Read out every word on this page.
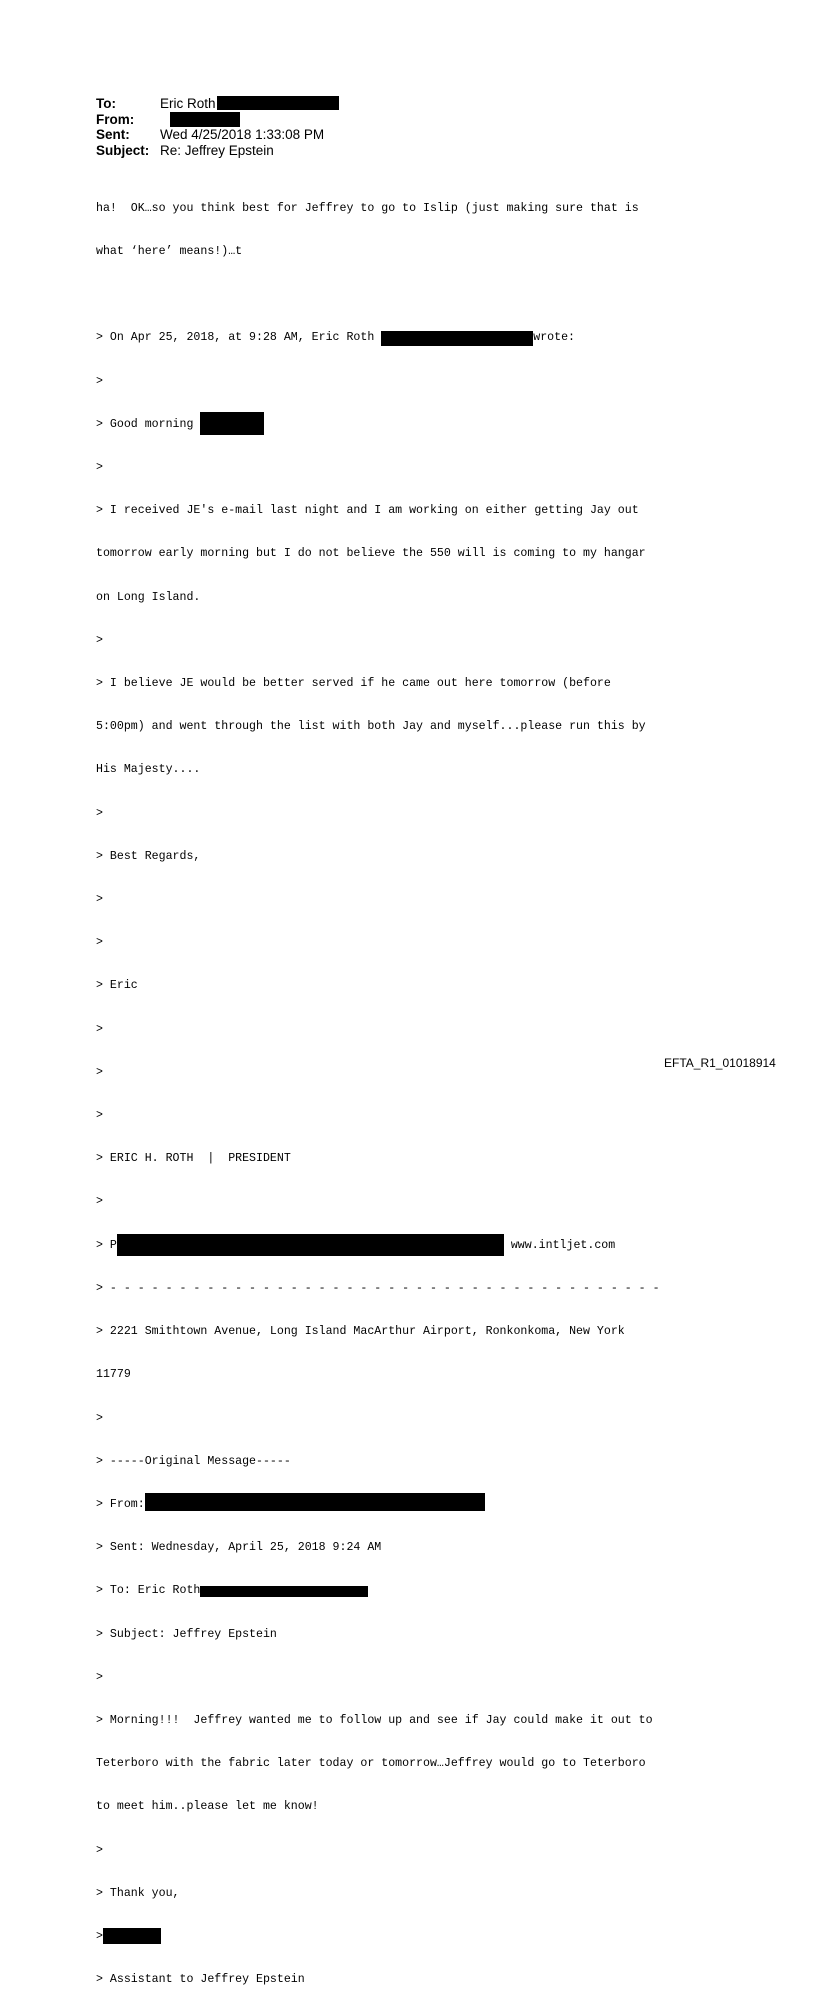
To:	Eric Roth
From:
Sent: Wed 4/25/2018 1:33:08 PM
Subject: Re: Jeffrey Epstein

ha!  OK…so you think best for Jeffrey to go to Islip (just making sure that is

what ‘here’ means!)…t

> On Apr 25, 2018, at 9:28 AM, Eric Roth	wrote:

>

> Good morning

>

> I received JE's e-mail last night and I am working on either getting Jay out

tomorrow early morning but I do not believe the 550 will is coming to my hangar

on Long Island.

>

> I believe JE would be better served if he came out here tomorrow (before

5:00pm) and went through the list with both Jay and myself...please run this by

His Majesty....

>

> Best Regards,

>

>

> Eric

>

>

>

> ERIC H. ROTH  |  PRESIDENT

>

> P	www.intljet.com

> - - - - - - - - - - - - - - - - - - - - - - - - - - - - - - - - - - - - - - - -

> 2221 Smithtown Avenue, Long Island MacArthur Airport, Ronkonkoma, New York

11779

>

> -----Original Message-----

> From:

> Sent: Wednesday, April 25, 2018 9:24 AM

> To: Eric Roth

> Subject: Jeffrey Epstein

>

> Morning!!!  Jeffrey wanted me to follow up and see if Jay could make it out to

Teterboro with the fabric later today or tomorrow…Jeffrey would go to Teterboro

to meet him..please let me know!

>

> Thank you,

>

> Assistant to Jeffrey Epstein

EFTA_R1_01018914
